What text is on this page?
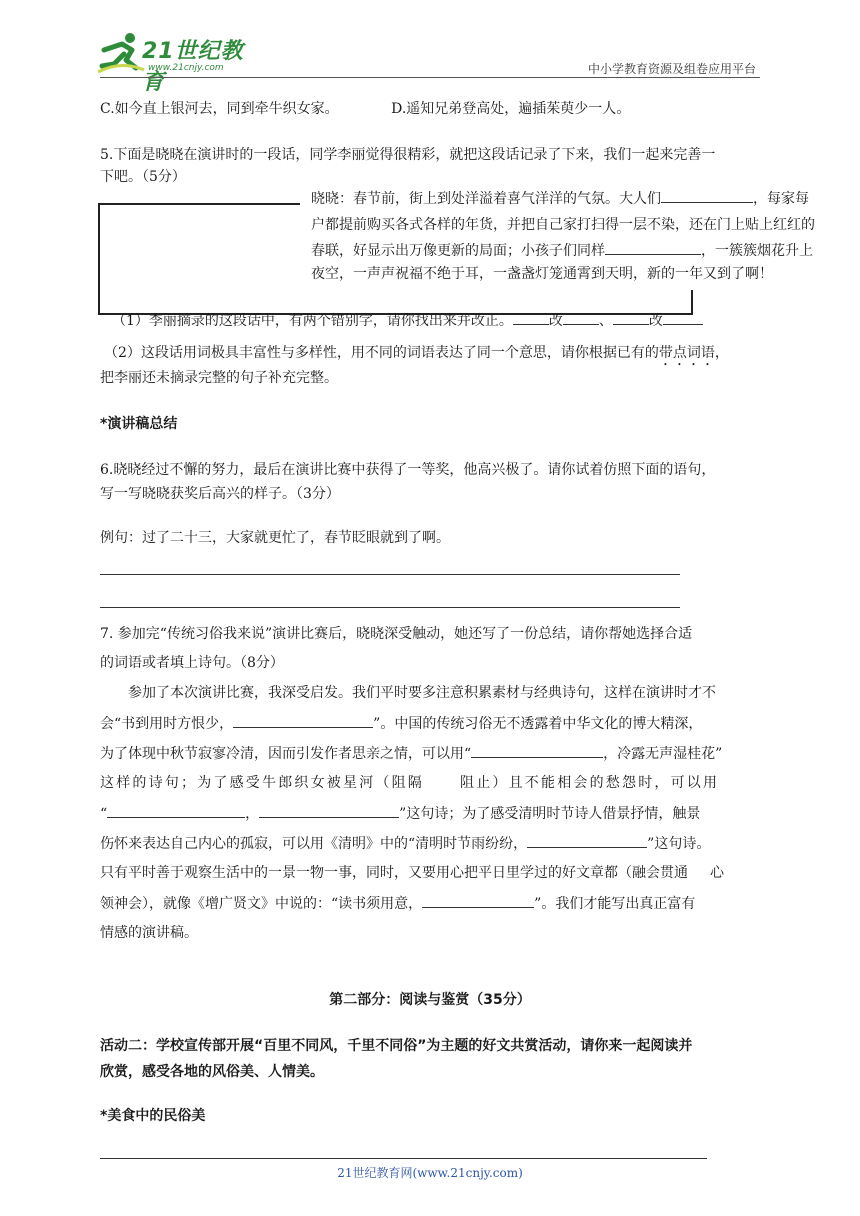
21世纪教育
www.21cnjy.com	中小学教育资源及组卷应用平台
C.如今直上银河去，同到牵牛织女家。	D.遥知兄弟登高处，遍插茱萸少一人。
5.下面是晓晓在演讲时的一段话，同学李丽觉得很精彩，就把这段话记录了下来，我们一起来完善一
下吧。（5分）
晓晓：春节前，街上到处洋溢着喜气洋洋的气氛。大人们	，每家每
户都提前购买各式各样的年货，并把自己家打扫得一层不染，还在门上贴上红红的
春联，好显示出万像更新的局面；小孩子们同样	，一簇簇烟花升上
夜空，一声声祝福不绝于耳，一盏盏灯笼通霄到天明，新的一年又到了啊！
（1）李丽摘录的这段话中，有两个错别字，请你找出来并改正。	改	、	改
（2）这段话用词极具丰富性与多样性，用不同的词语表达了同一个意思，请你根据已有的带点词语，
把李丽还未摘录完整的句子补充完整。
*演讲稿总结
6.晓晓经过不懈的努力，最后在演讲比赛中获得了一等奖，他高兴极了。请你试着仿照下面的语句，
写一写晓晓获奖后高兴的样子。（3分）
例句：过了二十三，大家就更忙了，春节眨眼就到了啊。
7. 参加完“传统习俗我来说”演讲比赛后，晓晓深受触动，她还写了一份总结，请你帮她选择合适
的词语或者填上诗句。（8分）
参加了本次演讲比赛，我深受启发。我们平时要多注意积累素材与经典诗句，这样在演讲时才不
会“书到用时方恨少，	”。中国的传统习俗无不透露着中华文化的博大精深，
为了体现中秋节寂寥冷清，因而引发作者思亲之情，可以用“	，冷露无声湿桂花”
这样的诗句；为了感受牛郎织女被星河（阻隔	阻止）且不能相会的愁怨时，可以用
“	，	”这句诗；为了感受清明时节诗人借景抒情，触景
伤怀来表达自己内心的孤寂，可以用《清明》中的“清明时节雨纷纷，	”这句诗。
只有平时善于观察生活中的一景一物一事，同时，又要用心把平日里学过的好文章都（融会贯通 心
领神会），就像《增广贤文》中说的：“读书须用意，	”。我们才能写出真正富有
情感的演讲稿。
第二部分：阅读与鉴赏（35分）
活动二：学校宣传部开展“百里不同风，千里不同俗”为主题的好文共赏活动，请你来一起阅读并
欣赏，感受各地的风俗美、人情美。
*美食中的民俗美
21世纪教育网(www.21cnjy.com)
